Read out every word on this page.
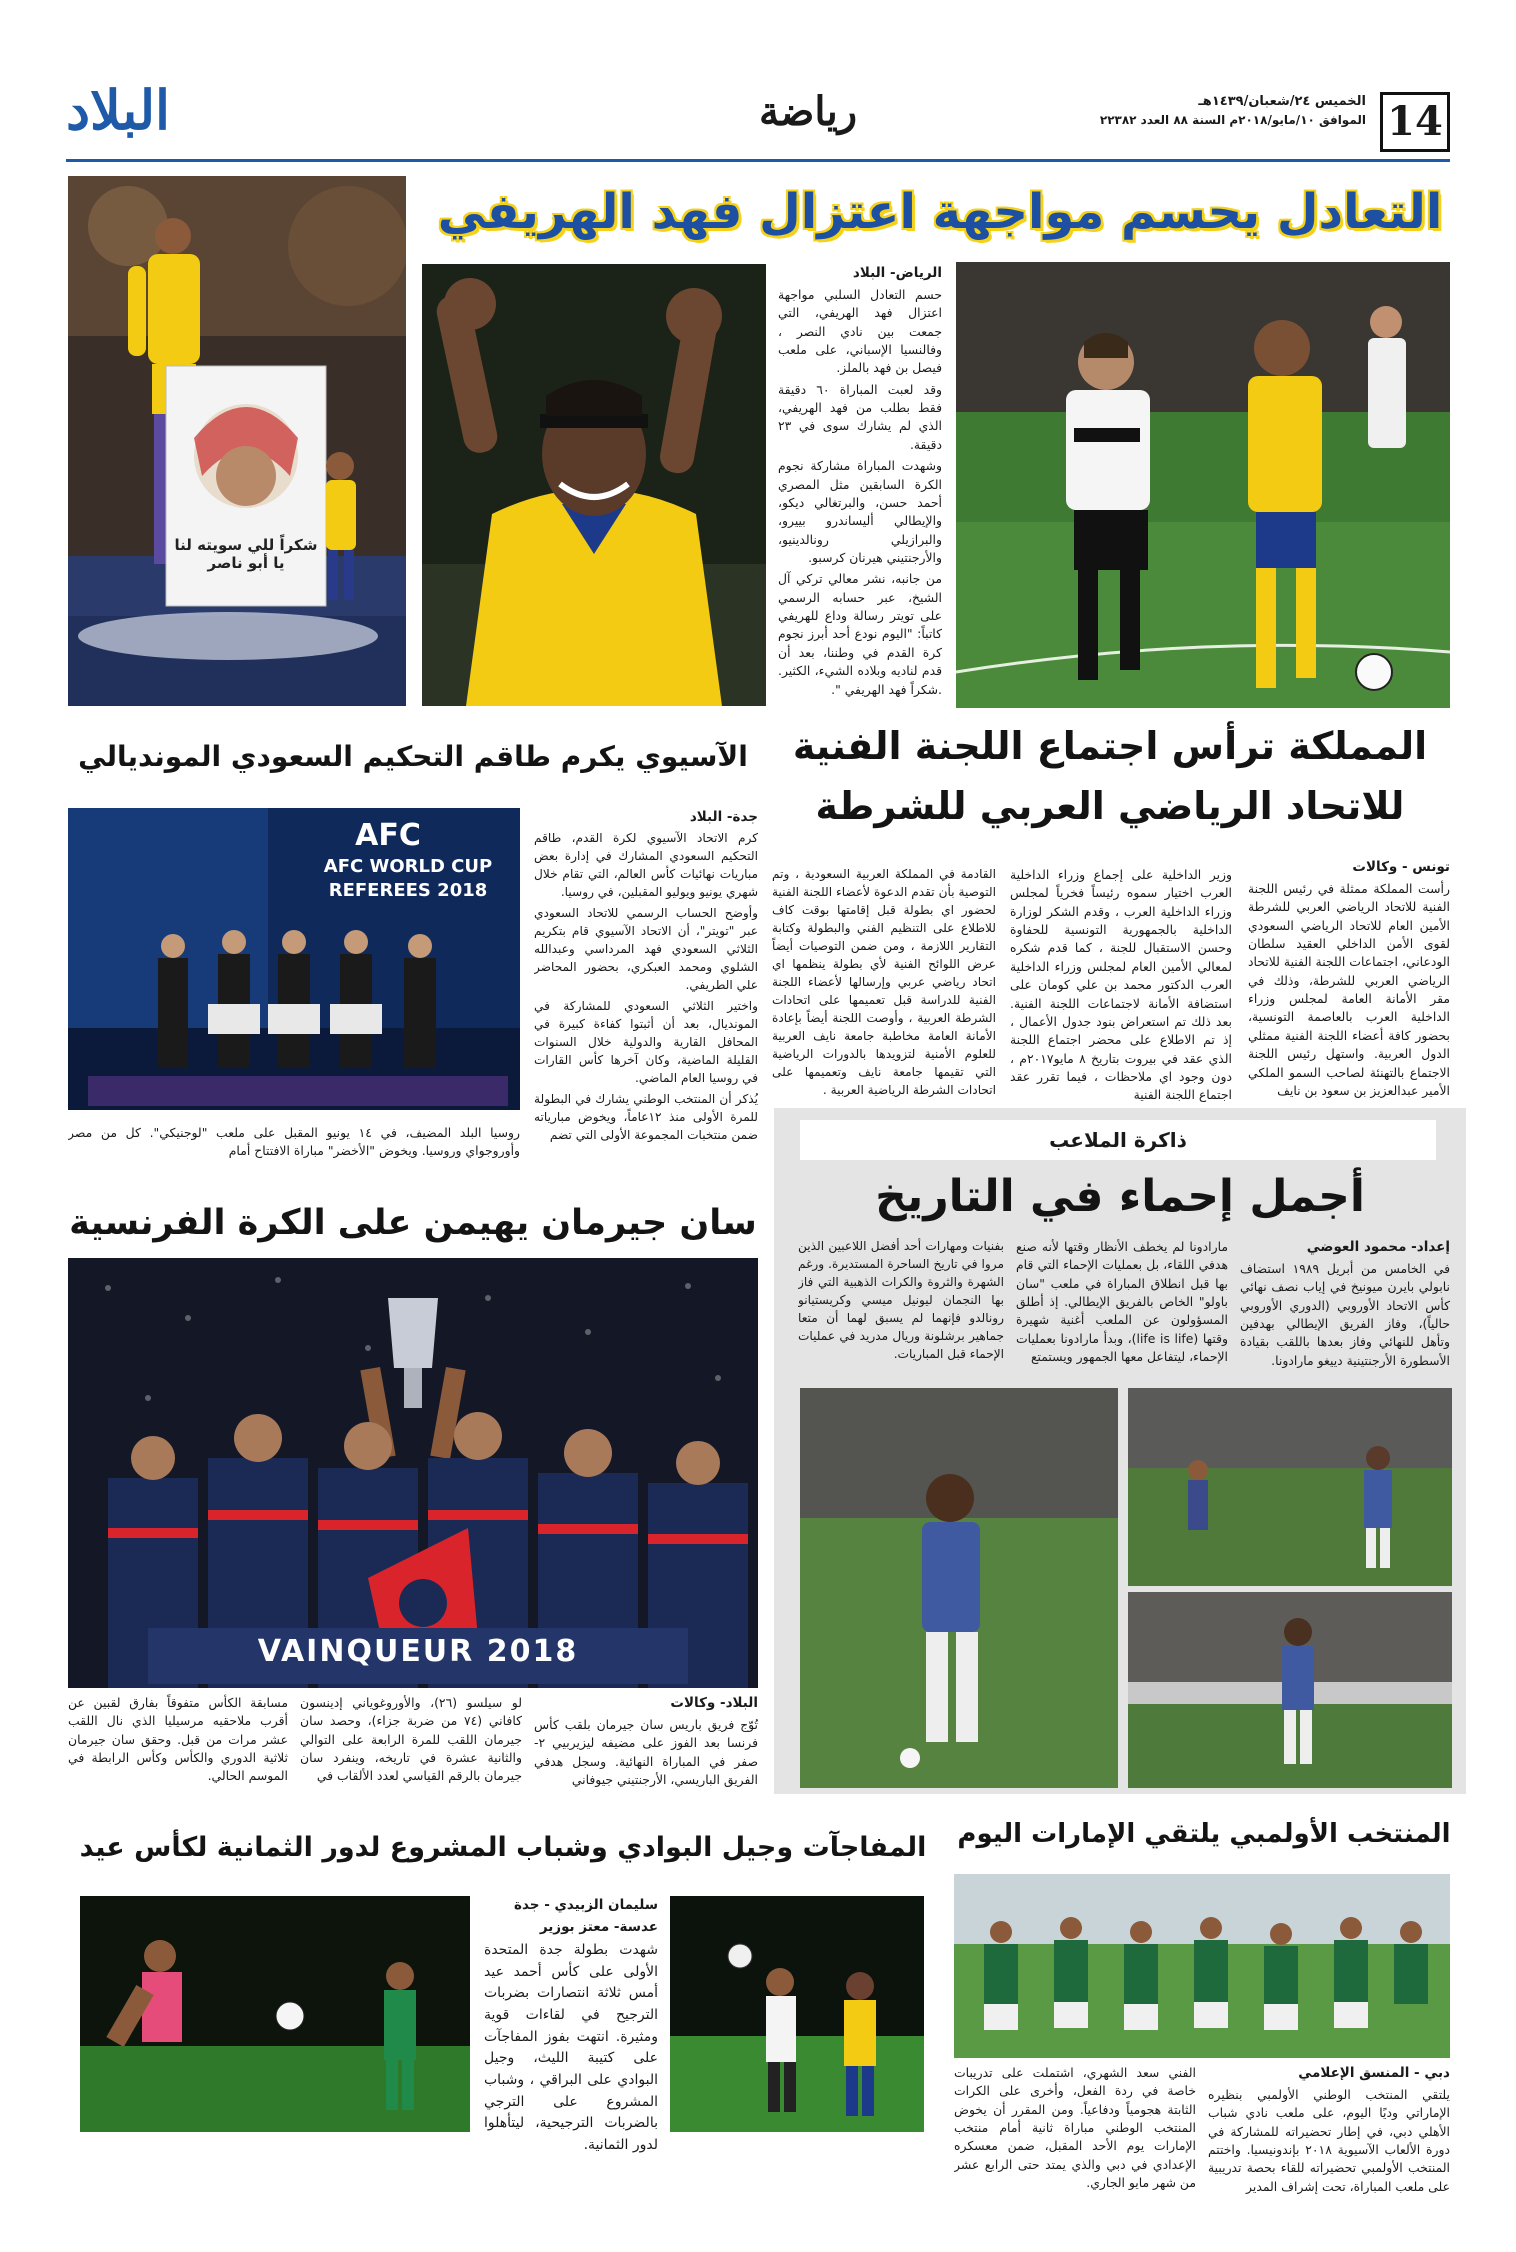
14
الخميس ٢٤/شعبان/١٤٣٩هـ
الموافق ١٠/مايو/٢٠١٨م السنة ٨٨ العدد ٢٢٣٨٢
رياضة
البلاد
التعادل يحسم مواجهة اعتزال فهد الهريفي
شكراً للي سويته لنا
يا أبو ناصر
الرياض- البلاد

حسم التعادل السلبي مواجهة اعتزال فهد الهريفي، التي جمعت بين نادي النصر ، وفالنسيا الإسباني، على ملعب فيصل بن فهد بالملز.

وقد لعبت المباراة ٦٠ دقيقة فقط بطلب من فهد الهريفي، الذي لم يشارك سوى في ٢٣ دقيقة.

وشهدت المباراة مشاركة نجوم الكرة السابقين مثل المصري أحمد حسن، والبرتغالي ديكو، والإيطالي أليساندرو بييرو، والبرازيلي رونالدينيو، والأرجنتيني هيرنان كرسبو.

من جانبه، نشر معالي تركي آل الشيخ، عبر حسابه الرسمي على تويتر رسالة وداع للهريفي كاتباً: "اليوم نودع أحد أبرز نجوم كرة القدم في وطننا، بعد أن قدم لناديه وبلاده الشيء، الكثير. .شكراً فهد الهريفي ".

المملكة ترأس اجتماع اللجنة الفنية
للاتحاد الرياضي العربي للشرطة
تونس - وكالات

رأست المملكة ممثلة في رئيس اللجنة الفنية للاتحاد الرياضي العربي للشرطة الأمين العام للاتحاد الرياضي السعودي لقوى الأمن الداخلي العقيد سلطان الودعاني، اجتماعات اللجنة الفنية للاتحاد الرياضي العربي للشرطة، وذلك في مقر الأمانة العامة لمجلس وزراء الداخلية العرب بالعاصمة التونسية، بحضور كافة أعضاء اللجنة الفنية ممثلي الدول العربية. واستهل رئيس اللجنة الاجتماع بالتهنئة لصاحب السمو الملكي الأمير عبدالعزيز بن سعود بن نايف

وزير الداخلية على إجماع وزراء الداخلية العرب اختيار سموه رئيساً فخرياً لمجلس وزراء الداخلية العرب ، وقدم الشكر لوزارة الداخلية بالجمهورية التونسية للحفاوة وحسن الاستقبال للجنة ، كما قدم شكره لمعالي الأمين العام لمجلس وزراء الداخلية العرب الدكتور محمد بن علي كومان على استضافة الأمانة لاجتماعات اللجنة الفنية. بعد ذلك تم استعراض بنود جدول الأعمال ، إذ تم الاطلاع على محضر اجتماع اللجنة الذي عقد في بيروت بتاريخ ٨ مايو٢٠١٧م ، دون وجود اي ملاحظات ، فيما تقرر عقد اجتماع اللجنة الفنية

القادمة في المملكة العربية السعودية ، وتم التوصية بأن تقدم الدعوة لأعضاء اللجنة الفنية لحضور اي بطولة قبل إقامتها بوقت كاف للاطلاع على التنظيم الفني والبطولة وكتابة التقارير اللازمة ، ومن ضمن التوصيات أيضاً عرض اللوائح الفنية لأي بطولة ينظمها اي اتحاد رياضي عربي وإرسالها لأعضاء اللجنة الفنية للدراسة قبل تعميمها على اتحادات الشرطة العربية ، وأوصت اللجنة أيضاً بإعادة الأمانة العامة مخاطبة جامعة نايف العربية للعلوم الأمنية لتزويدها بالدورات الرياضية التي تقيمها جامعة نايف وتعميمها على اتحادات الشرطة الرياضية العربية .

الآسيوي يكرم طاقم التحكيم السعودي المونديالي
AFC
AFC WORLD CUP
REFEREES 2018
جدة- البلاد

كرم الاتحاد الآسيوي لكرة القدم، طاقم التحكيم السعودي المشارك في إدارة بعض مباريات نهائيات كأس العالم، التي تقام خلال شهري يونيو ويوليو المقبلين، في روسيا.

وأوضح الحساب الرسمي للاتحاد السعودي عبر "تويتر"، أن الاتحاد الآسيوي قام بتكريم الثلاثي السعودي فهد المرداسي وعبدالله الشلوي ومحمد العبكري، بحضور المحاضر علي الطريفي.

واختير الثلاثي السعودي للمشاركة في المونديال، بعد أن أثبتوا كفاءة كبيرة في المحافل القارية والدولية خلال السنوات القليلة الماضية، وكان آخرها كأس القارات في روسيا العام الماضي.

يُذكر أن المنتخب الوطني يشارك في البطولة للمرة الأولى منذ ١٢عاماً، ويخوض مبارياته ضمن منتخبات المجموعة الأولى التي تضم

روسيا البلد المضيف، في ١٤ يونيو المقبل على ملعب "لوجنيكي". كل من مصر وأوروجواي وروسيا. ويخوض "الأخضر" مباراة الافتتاح أمام	ذاكرة الملاعب
أجمل إحماء في التاريخ
إعداد- محمود العوضي

في الخامس من أبريل ١٩٨٩ استضاف نابولي بايرن ميونيخ في إياب نصف نهائي كأس الاتحاد الأوروبي (الدوري الأوروبي حالياً)، وفاز الفريق الإيطالي بهدفين وتأهل للنهائي وفاز بعدها باللقب بقيادة الأسطورة الأرجنتينية دييغو مارادونا.

مارادونا لم يخطف الأنظار وقتها لأنه صنع هدفي اللقاء، بل بعمليات الإحماء التي قام بها قبل انطلاق المباراة في ملعب "سان باولو" الخاص بالفريق الإيطالي. إذ أطلق المسؤولون عن الملعب أغنية شهيرة وقتها (life is life)، وبدأ مارادونا بعمليات الإحماء، ليتفاعل معها الجمهور ويستمتع

بفنيات ومهارات أحد أفضل اللاعبين الذين مروا في تاريخ الساحرة المستديرة. ورغم الشهرة والثروة والكرات الذهبية التي فاز بها النجمان ليونيل ميسي وكريستيانو رونالدو فإنهما لم يسبق لهما أن متعا جماهير برشلونة وريال مدريد في عمليات الإحماء قبل المباريات.

سان جيرمان يهيمن على الكرة الفرنسية
VAINQUEUR 2018
البلاد- وكالات

تُوّج فريق باريس سان جيرمان بلقب كأس فرنسا بعد الفوز على مضيفه ليزيربيي ٢-صفر في المباراة النهائية. وسجل هدفي الفريق الباريسي، الأرجنتيني جيوفاني

لو سيلسو (٢٦)، والأوروغوياني إدينسون كافاني (٧٤ من ضربة جزاء)، وحصد سان جيرمان اللقب للمرة الرابعة على التوالي والثانية عشرة في تاريخه، وينفرد سان جيرمان بالرقم القياسي لعدد الألقاب في

مسابقة الكأس متفوقاً بفارق لقبين عن أقرب ملاحقيه مرسيليا الذي نال اللقب عشر مرات من قبل. وحقق سان جيرمان ثلاثية الدوري والكأس وكأس الرابطة في الموسم الحالي.

المنتخب الأولمبي يلتقي الإمارات اليوم
دبي - المنسق الإعلامي

يلتقي المنتخب الوطني الأولمبي بنظيره الإماراتي وديًا اليوم، على ملعب نادي شباب الأهلي دبي، في إطار تحضيراته للمشاركة في دورة الألعاب الآسيوية ٢٠١٨ بإندونيسيا. واختتم المنتخب الأولمبي تحضيراته للقاء بحصة تدريبية على ملعب المباراة، تحت إشراف المدير

الفني سعد الشهري، اشتملت على تدريبات خاصة في ردة الفعل، وأخرى على الكرات الثابتة هجومياً ودفاعياً. ومن المقرر أن يخوض المنتخب الوطني مباراة ثانية أمام منتخب الإمارات يوم الأحد المقبل، ضمن معسكره الإعدادي في دبي والذي يمتد حتى الرابع عشر من شهر مايو الجاري.

المفاجآت وجيل البوادي وشباب المشروع لدور الثمانية لكأس عيد
سليمان الزبيدي - جدة
عدسة- معتز بوزير

شهدت بطولة جدة المتحدة الأولى على كأس أحمد عيد أمس ثلاثة انتصارات بضربات الترجيح في لقاءات قوية ومثيرة. انتهت بفوز المفاجآت على كتيبة الليث، وجيل البوادي على البراقي ، وشباب المشروع على الترجي بالضربات الترجيحية، ليتأهلوا لدور الثمانية.
